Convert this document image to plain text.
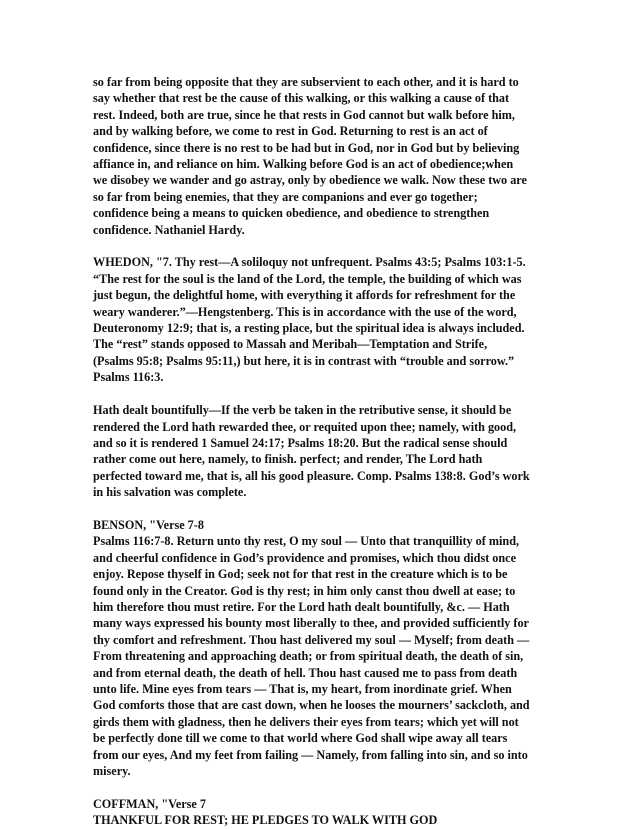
so far from being opposite that they are subservient to each other, and it is hard to
say whether that rest be the cause of this walking, or this walking a cause of that
rest. Indeed, both are true, since he that rests in God cannot but walk before him,
and by walking before, we come to rest in God. Returning to rest is an act of
confidence, since there is no rest to be had but in God, nor in God but by believing
affiance in, and reliance on him. Walking before God is an act of obedience;when
we disobey we wander and go astray, only by obedience we walk. Now these two are
so far from being enemies, that they are companions and ever go together;
confidence being a means to quicken obedience, and obedience to strengthen
confidence. Nathaniel Hardy.

WHEDON, "7. Thy rest—A soliloquy not unfrequent. Psalms 43:5; Psalms 103:1-5.
“The rest for the soul is the land of the Lord, the temple, the building of which was
just begun, the delightful home, with everything it affords for refreshment for the
weary wanderer.”—Hengstenberg. This is in accordance with the use of the word,
Deuteronomy 12:9; that is, a resting place, but the spiritual idea is always included.
The “rest” stands opposed to Massah and Meribah—Temptation and Strife,
(Psalms 95:8; Psalms 95:11,) but here, it is in contrast with “trouble and sorrow.”
Psalms 116:3.

Hath dealt bountifully—If the verb be taken in the retributive sense, it should be
rendered the Lord hath rewarded thee, or requited upon thee; namely, with good,
and so it is rendered 1 Samuel 24:17; Psalms 18:20. But the radical sense should
rather come out here, namely, to finish. perfect; and render, The Lord hath
perfected toward me, that is, all his good pleasure. Comp. Psalms 138:8. God’s work
in his salvation was complete.

BENSON, "Verse 7-8
Psalms 116:7-8. Return unto thy rest, O my soul — Unto that tranquillity of mind,
and cheerful confidence in God’s providence and promises, which thou didst once
enjoy. Repose thyself in God; seek not for that rest in the creature which is to be
found only in the Creator. God is thy rest; in him only canst thou dwell at ease; to
him therefore thou must retire. For the Lord hath dealt bountifully, &c. — Hath
many ways expressed his bounty most liberally to thee, and provided sufficiently for
thy comfort and refreshment. Thou hast delivered my soul — Myself; from death —
From threatening and approaching death; or from spiritual death, the death of sin,
and from eternal death, the death of hell. Thou hast caused me to pass from death
unto life. Mine eyes from tears — That is, my heart, from inordinate grief. When
God comforts those that are cast down, when he looses the mourners’ sackcloth, and
girds them with gladness, then he delivers their eyes from tears; which yet will not
be perfectly done till we come to that world where God shall wipe away all tears
from our eyes, And my feet from failing — Namely, from falling into sin, and so into
misery.

COFFMAN, "Verse 7
THANKFUL FOR REST; HE PLEDGES TO WALK WITH GOD
